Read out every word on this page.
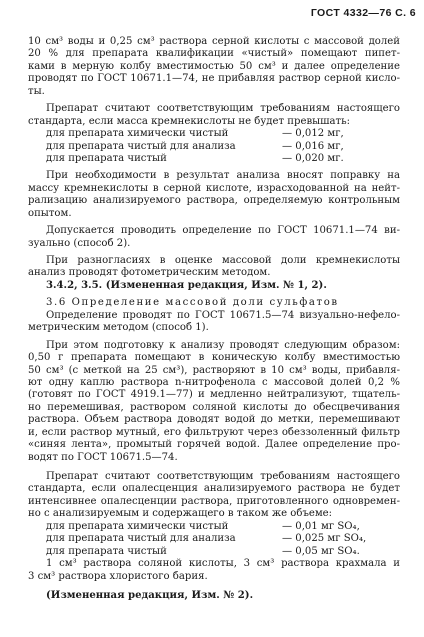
ГОСТ 4332—76 С. 6
10 см³ воды и 0,25 см³ раствора серной кислоты с массовой долей
20 % для препарата квалификации «чистый» помещают пипет-
ками в мерную колбу вместимостью 50 см³ и далее определение
проводят по ГОСТ 10671.1—74, не прибавляя раствор серной кисло-
ты.
Препарат считают соответствующим требованиям настоящего
стандарта, если масса кремнекислоты не будет превышать:
для препарата химически чистый	— 0,012 мг,
для препарата чистый для анализа	— 0,016 мг,
для препарата чистый	— 0,020 мг.
При необходимости в результат анализа вносят поправку на
массу кремнекислоты в серной кислоте, израсходованной на нейт-
рализацию анализируемого раствора, определяемую контрольным
опытом.
Допускается проводить определение по ГОСТ 10671.1—74 ви-
зуально (способ 2).
При разногласиях в оценке массовой доли кремнекислоты
анализ проводят фотометрическим методом.
3.4.2, 3.5. (Измененная редакция, Изм. № 1, 2).
3.6 Определение массовой доли сульфатов
Определение проводят по ГОСТ 10671.5—74 визуально-нефело-
метрическим методом (способ 1).
При этом подготовку к анализу проводят следующим образом:
0,50 г препарата помещают в коническую колбу вместимостью
50 см³ (с меткой на 25 см³), растворяют в 10 см³ воды, прибавля-
ют одну каплю раствора n-нитрофенола с массовой долей 0,2 %
(готовят по ГОСТ 4919.1—77) и медленно нейтрализуют, тщатель-
но перемешивая, раствором соляной кислоты до обесцвечивания
раствора. Объем раствора доводят водой до метки, перемешивают
и, если раствор мутный, его фильтруют через обеззоленный фильтр
«синяя лента», промытый горячей водой. Далее определение про-
водят по ГОСТ 10671.5—74.
Препарат считают соответствующим требованиям настоящего
стандарта, если опалесценция анализируемого раствора не будет
интенсивнее опалесценции раствора, приготовленного одновремен-
но с анализируемым и содержащего в таком же объеме:
для препарата химически чистый	— 0,01 мг SO₄,
для препарата чистый для анализа	— 0,025 мг SO₄,
для препарата чистый	— 0,05 мг SO₄.
1 см³ раствора соляной кислоты, 3 см³ раствора крахмала и
3 см³ раствора хлористого бария.
(Измененная редакция, Изм. № 2).
